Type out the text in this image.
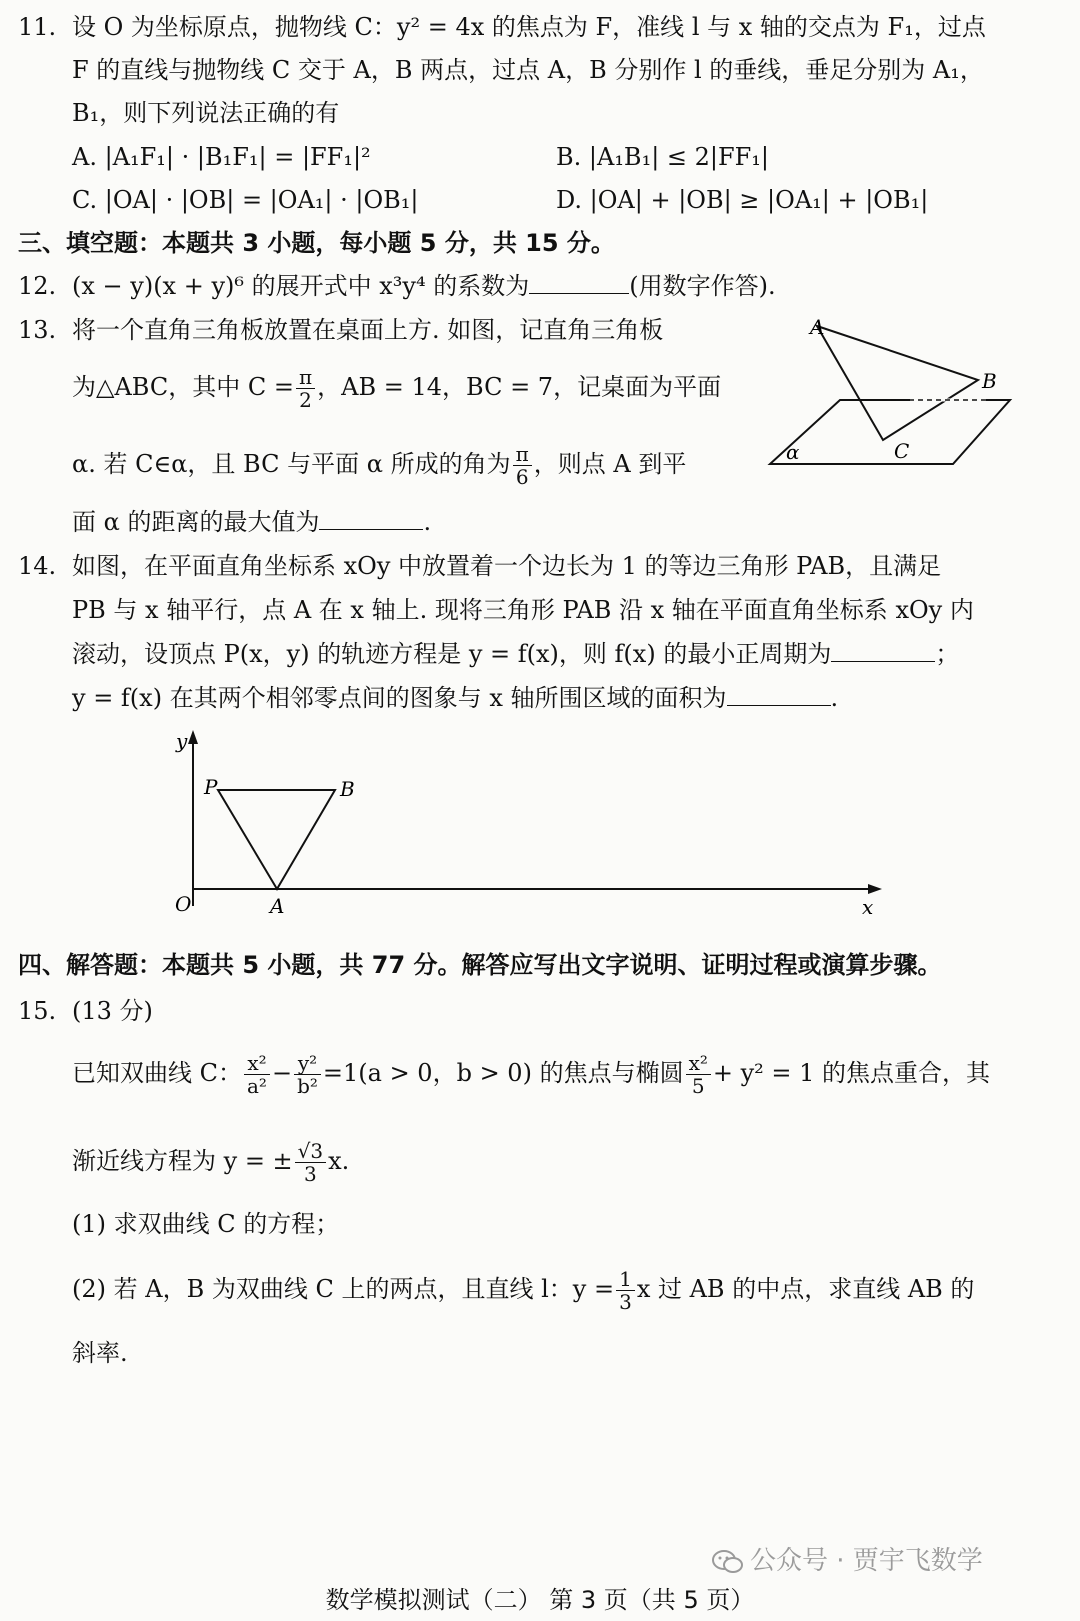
11. 设 O 为坐标原点，抛物线 C：y² = 4x 的焦点为 F，准线 l 与 x 轴的交点为 F₁，过点
F 的直线与抛物线 C 交于 A，B 两点，过点 A，B 分别作 l 的垂线，垂足分别为 A₁，
B₁，则下列说法正确的有
A. |A₁F₁| · |B₁F₁| = |FF₁|²	B. |A₁B₁| ≤ 2|FF₁|
C. |OA| · |OB| = |OA₁| · |OB₁|	D. |OA| + |OB| ≥ |OA₁| + |OB₁|
三、填空题：本题共 3 小题，每小题 5 分，共 15 分。
12. (x − y)(x + y)⁶ 的展开式中 x³y⁴ 的系数为	(用数字作答).
13. 将一个直角三角板放置在桌面上方. 如图，记直角三角板
为△ABC，其中 $C = \frac{\pi}{2}$ ，AB = 14，BC = 7，记桌面为平面
α. 若 C∈α，且 BC 与平面 α 所成的角为 $\frac{\pi}{6}$ ，则点 A 到平
面 α 的距离的最大值为	.
A
B
C
α
14. 如图，在平面直角坐标系 xOy 中放置着一个边长为 1 的等边三角形 PAB，且满足
PB 与 x 轴平行，点 A 在 x 轴上. 现将三角形 PAB 沿 x 轴在平面直角坐标系 xOy 内
滚动，设顶点 P(x，y) 的轨迹方程是 y = f(x)，则 f(x) 的最小正周期为	；
y = f(x) 在其两个相邻零点间的图象与 x 轴所围区域的面积为	.
y
x
O
P	B
A
四、解答题：本题共 5 小题，共 77 分。解答应写出文字说明、证明过程或演算步骤。
15. (13 分)
已知双曲线 C： $\frac{\text{x²}}{\text{a²}} - \frac{\text{y²}}{\text{b²}} =1(a > 0$，b > 0) 的焦点与椭圆 $\frac{\text{x²}}{5} + y^2 = 1$ 的焦点重合，其
渐近线方程为 y = ± $\frac{√3}{3} x$.
(1) 求双曲线 C 的方程；
(2) 若 A，B 为双曲线 C 上的两点，且直线 l：$y = \frac{1}{3}$ x 过 AB 的中点，求直线 AB 的
斜率.
公众号 · 贾宇飞数学
数学模拟测试（二） 第 3 页（共 5 页）
